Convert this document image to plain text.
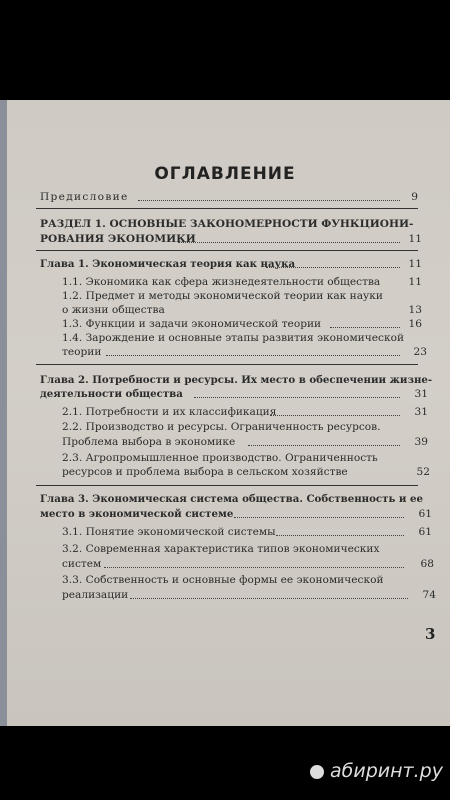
ОГЛАВЛЕНИЕ
Предисловие	9
РАЗДЕЛ 1. ОСНОВНЫЕ ЗАКОНОМЕРНОСТИ ФУНКЦИОНИ-
РОВАНИЯ ЭКОНОМИКИ	11
Глава 1. Экономическая теория как наука	11
1.1. Экономика как сфера жизнедеятельности общества	11
1.2. Предмет и методы экономической теории как науки
о жизни общества	13
1.3. Функции и задачи экономической теории	16
1.4. Зарождение и основные этапы развития экономической
теории	23
Глава 2. Потребности и ресурсы. Их место в обеспечении жизне-
деятельности общества	31
2.1. Потребности и их классификация	31
2.2. Производство и ресурсы. Ограниченность ресурсов.
Проблема выбора в экономике	39
2.3. Агропромышленное производство. Ограниченность
ресурсов и проблема выбора в сельском хозяйстве	52
Глава 3. Экономическая система общества. Собственность и ее
место в экономической системе	61
3.1. Понятие экономической системы	61
3.2. Современная характеристика типов экономических
систем	68
3.3. Собственность и основные формы ее экономической
реализации	74
3
абиринт.ру
